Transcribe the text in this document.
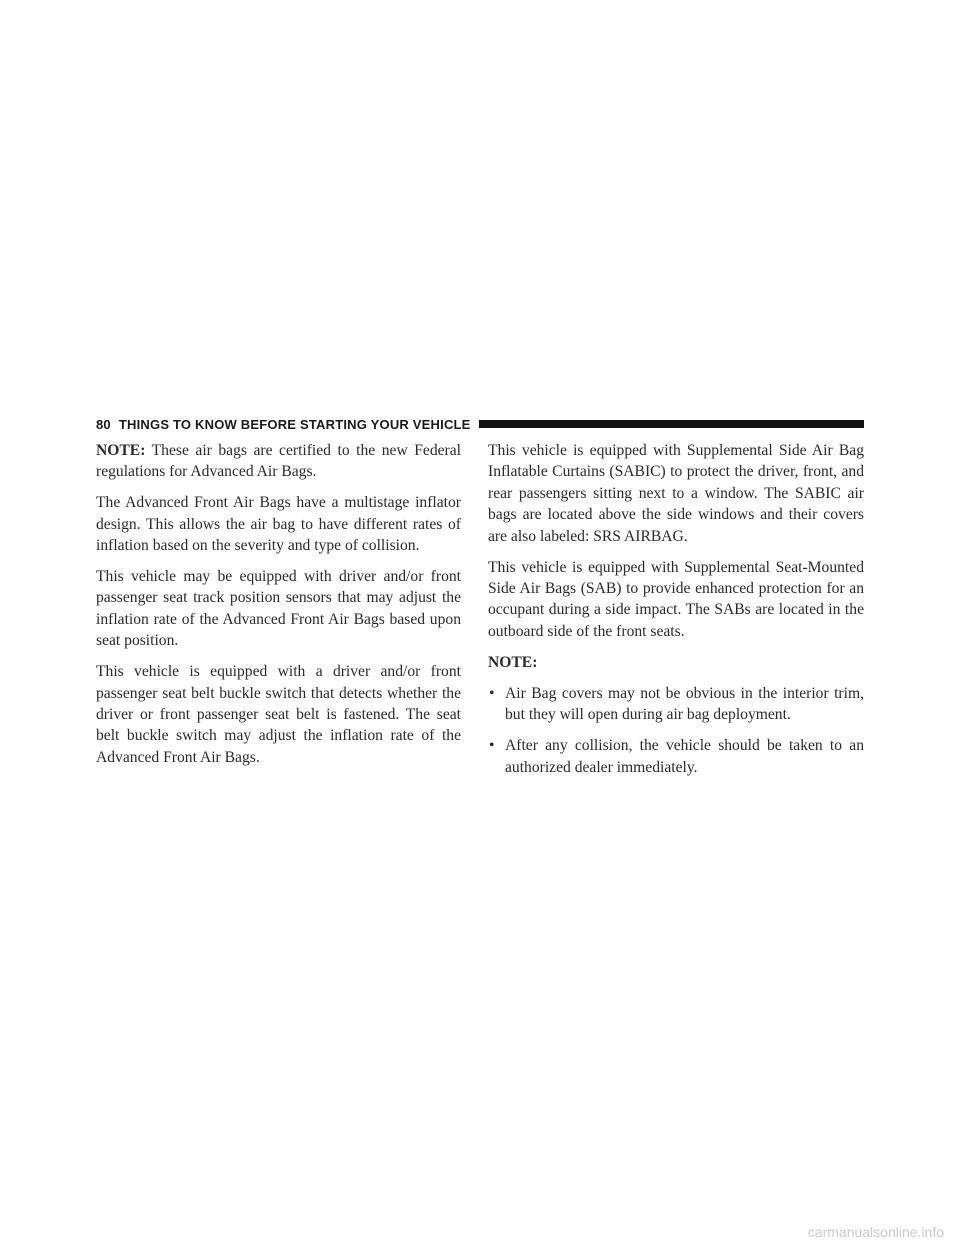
80 THINGS TO KNOW BEFORE STARTING YOUR VEHICLE

NOTE: These air bags are certified to the new Federal regulations for Advanced Air Bags.

The Advanced Front Air Bags have a multistage inflator design. This allows the air bag to have different rates of inflation based on the severity and type of collision.

This vehicle may be equipped with driver and/or front passenger seat track position sensors that may adjust the inflation rate of the Advanced Front Air Bags based upon seat position.

This vehicle is equipped with a driver and/or front passenger seat belt buckle switch that detects whether the driver or front passenger seat belt is fastened. The seat belt buckle switch may adjust the inflation rate of the Advanced Front Air Bags.

This vehicle is equipped with Supplemental Side Air Bag Inflatable Curtains (SABIC) to protect the driver, front, and rear passengers sitting next to a window. The SABIC air bags are located above the side windows and their covers are also labeled: SRS AIRBAG.

This vehicle is equipped with Supplemental Seat-Mounted Side Air Bags (SAB) to provide enhanced protection for an occupant during a side impact. The SABs are located in the outboard side of the front seats.

NOTE:

• Air Bag covers may not be obvious in the interior trim, but they will open during air bag deployment.
• After any collision, the vehicle should be taken to an authorized dealer immediately.
carmanualsonline.info
